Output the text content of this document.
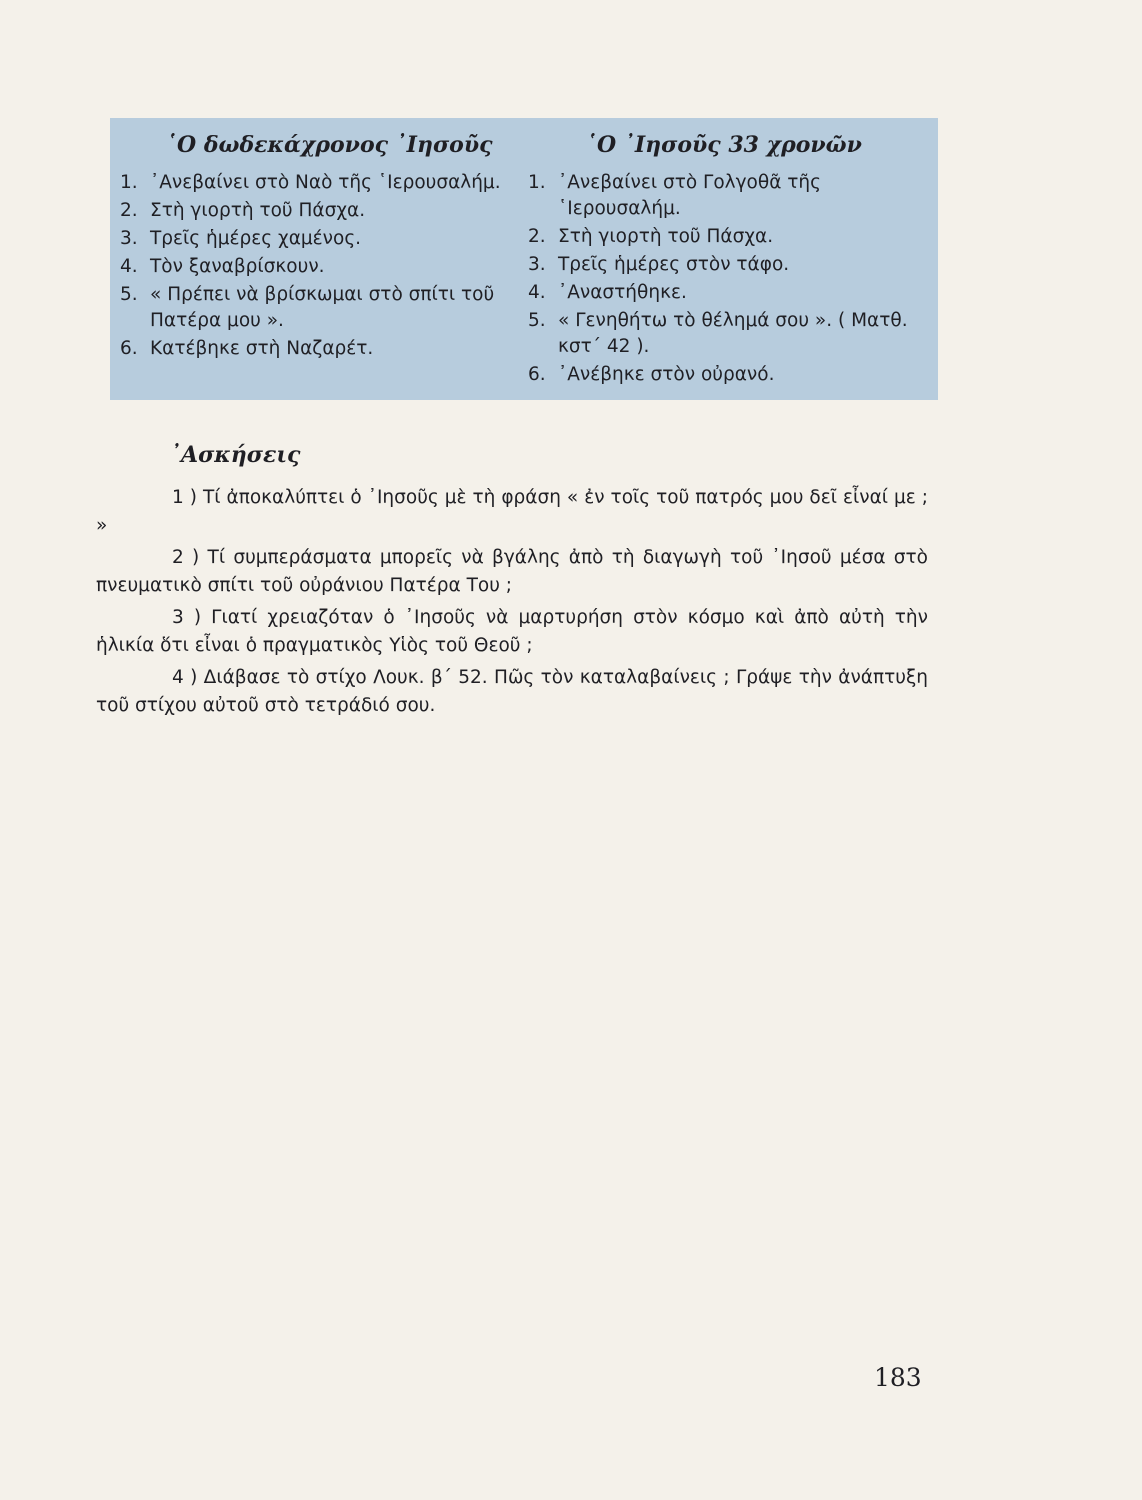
῾Ο δωδεκάχρονος ᾿Ιησοῦς
1. ᾿Ανεβαίνει στὸ Ναὸ τῆς ῾Ιερουσαλήμ.
2. Στὴ γιορτὴ τοῦ Πάσχα.
3. Τρεῖς ἡμέρες χαμένος.
4. Τὸν ξαναβρίσκουν.
5. « Πρέπει νὰ βρίσκωμαι στὸ σπίτι τοῦ Πατέρα μου ».
6. Κατέβηκε στὴ Ναζαρέτ.
῾Ο ᾿Ιησοῦς 33 χρονῶν
1. ᾿Ανεβαίνει στὸ Γολγοθᾶ τῆς ῾Ιερουσαλήμ.
2. Στὴ γιορτὴ τοῦ Πάσχα.
3. Τρεῖς ἡμέρες στὸν τάφο.
4. ᾿Αναστήθηκε.
5. « Γενηθήτω τὸ θέλημά σου ». ( Ματθ. κστ΄ 42 ).
6. ᾿Ανέβηκε στὸν οὐρανό.
᾿Ασκήσεις

1 ) Τί ἀποκαλύπτει ὁ ᾿Ιησοῦς μὲ τὴ φράση « ἐν τοῖς τοῦ πατρός μου δεῖ εἶναί με ; »

2 ) Τί συμπεράσματα μπορεῖς νὰ βγάλης ἀπὸ τὴ διαγωγὴ τοῦ ᾿Ιησοῦ μέσα στὸ πνευματικὸ σπίτι τοῦ οὐράνιου Πατέρα Του ;

3 ) Γιατί χρειαζόταν ὁ ᾿Ιησοῦς νὰ μαρτυρήση στὸν κόσμο καὶ ἀπὸ αὐτὴ τὴν ἡλικία ὅτι εἶναι ὁ πραγματικὸς Υἱὸς τοῦ Θεοῦ ;

4 ) Διάβασε τὸ στίχο Λουκ. β΄ 52. Πῶς τὸν καταλαβαίνεις ; Γράψε τὴν ἀνάπτυξη τοῦ στίχου αὐτοῦ στὸ τετράδιό σου.

183
